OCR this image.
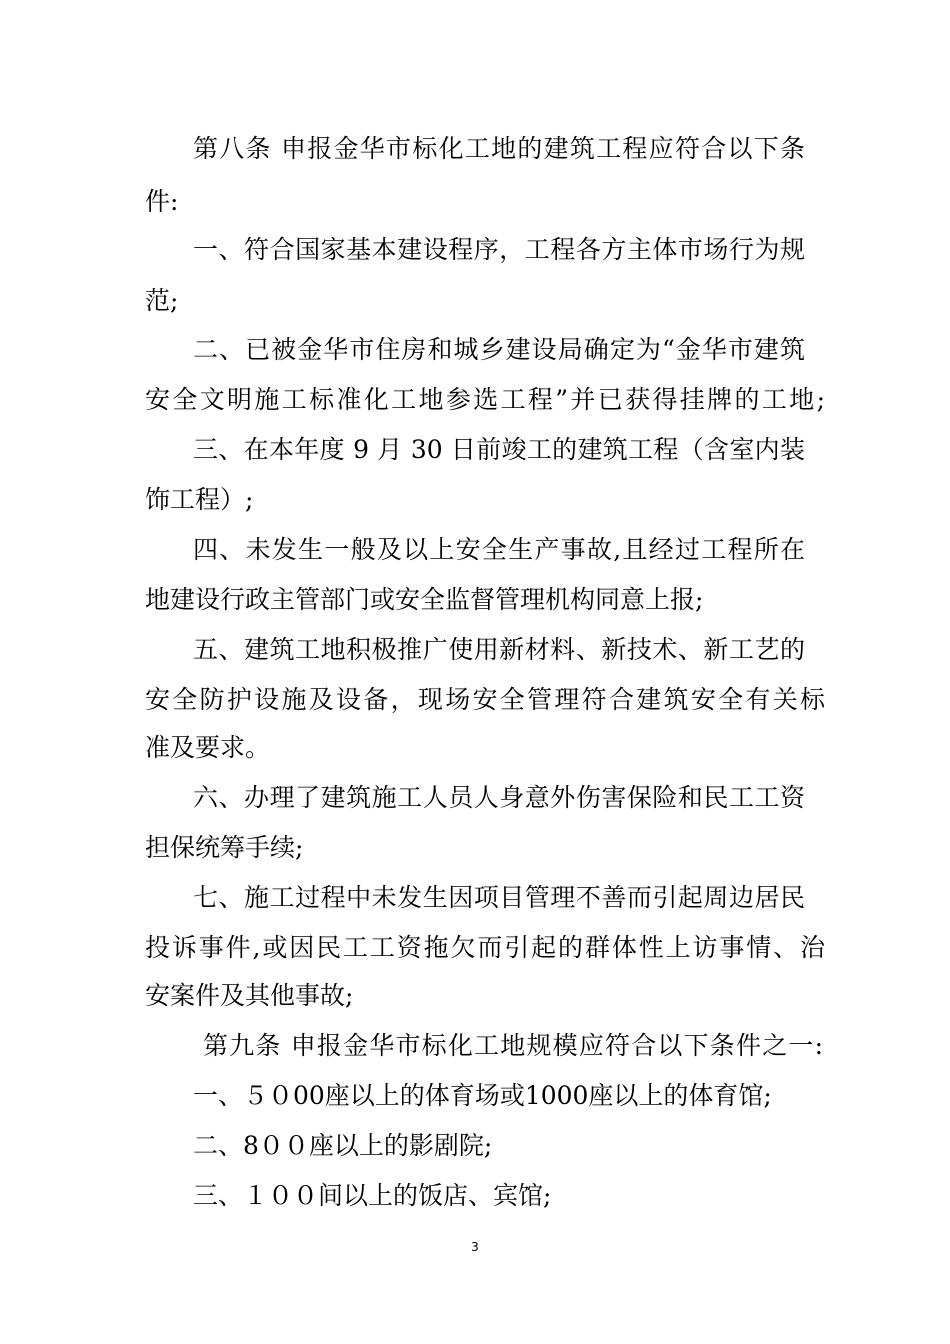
第八条 申报金华市标化工地的建筑工程应符合以下条
件:
一、符合国家基本建设程序，工程各方主体市场行为规
范;
二、已被金华市住房和城乡建设局确定为“金华市建筑
安全文明施工标准化工地参选工程”并已获得挂牌的工地;
三、在本年度 9 月 30 日前竣工的建筑工程（含室内装
饰工程）;
四、未发生一般及以上安全生产事故,且经过工程所在
地建设行政主管部门或安全监督管理机构同意上报;
五、建筑工地积极推广使用新材料、新技术、新工艺的
安全防护设施及设备，现场安全管理符合建筑安全有关标
准及要求。
六、办理了建筑施工人员人身意外伤害保险和民工工资
担保统筹手续;
七、施工过程中未发生因项目管理不善而引起周边居民
投诉事件,或因民工工资拖欠而引起的群体性上访事情、治
安案件及其他事故;
第九条 申报金华市标化工地规模应符合以下条件之一:
一、５０00座以上的体育场或1000座以上的体育馆;
二、8００座以上的影剧院;
三、１００间以上的饭店、宾馆;
3
